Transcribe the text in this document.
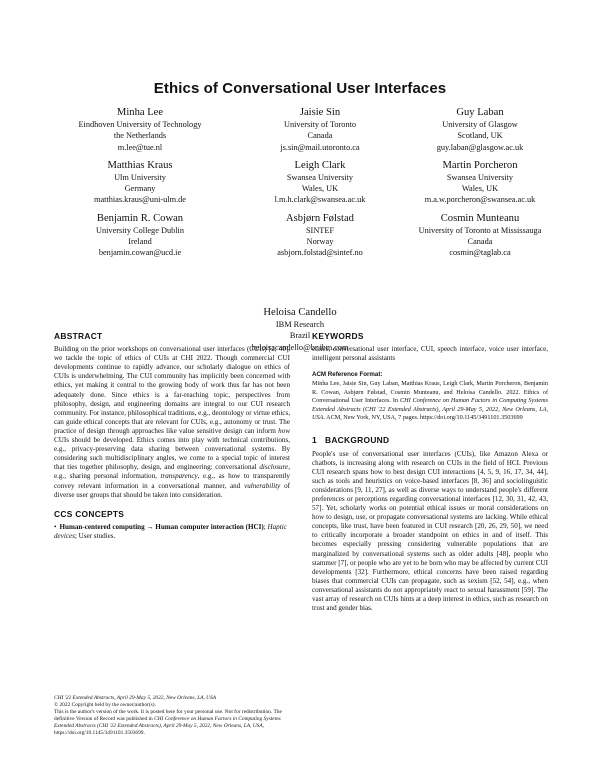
Ethics of Conversational User Interfaces
Minha Lee
Eindhoven University of Technology
the Netherlands
m.lee@tue.nl
Jaisie Sin
University of Toronto
Canada
js.sin@mail.utoronto.ca
Guy Laban
University of Glasgow
Scotland, UK
guy.laban@glasgow.ac.uk
Matthias Kraus
Ulm University
Germany
matthias.kraus@uni-ulm.de
Leigh Clark
Swansea University
Wales, UK
l.m.h.clark@swansea.ac.uk
Martin Porcheron
Swansea University
Wales, UK
m.a.w.porcheron@swansea.ac.uk
Benjamin R. Cowan
University College Dublin
Ireland
benjamin.cowan@ucd.ie
Asbjørn Følstad
SINTEF
Norway
asbjorn.folstad@sintef.no
Cosmin Munteanu
University of Toronto at Mississauga
Canada
cosmin@taglab.ca
Heloisa Candello
IBM Research
Brazil
heloisacandello@br.ibm.com
ABSTRACT

Building on the prior workshops on conversational user interfaces (CUIs) [2, 40], we tackle the topic of ethics of CUIs at CHI 2022. Though commercial CUI developments continue to rapidly advance, our scholarly dialogue on ethics of CUIs is underwhelming. The CUI community has implicitly been concerned with ethics, yet making it central to the growing body of work thus far has not been adequately done. Since ethics is a far-reaching topic, perspectives from philosophy, design, and engineering domains are integral to our CUI research community. For instance, philosophical traditions, e.g., deontology or virtue ethics, can guide ethical concepts that are relevant for CUIs, e.g., autonomy or trust. The practice of design through approaches like value sensitive design can inform how CUIs should be developed. Ethics comes into play with technical contributions, e.g., privacy-preserving data sharing between conversational systems. By considering such multidisciplinary angles, we come to a special topic of interest that ties together philosophy, design, and engineering: conversational disclosure, e.g., sharing personal information, transparency, e.g., as how to transparently convey relevant information in a conversational manner, and vulnerability of diverse user groups that should be taken into consideration.

CCS CONCEPTS

• Human-centered computing → Human computer interaction (HCI); Haptic devices; User studies.

CHI '22 Extended Abstracts, April 29-May 5, 2022, New Orleans, LA, USA
© 2022 Copyright held by the owner/author(s).
This is the author's version of the work. It is posted here for your personal use. Not for redistribution. The definitive Version of Record was published in CHI Conference on Human Factors in Computing Systems Extended Abstracts (CHI '22 Extended Abstracts), April 29-May 5, 2022, New Orleans, LA, USA, https://doi.org/10.1145/3491101.3503699.
KEYWORDS

ethics, conversational user interface, CUI, speech interface, voice user interface, intelligent personal assistants

ACM Reference Format:

Minha Lee, Jaisie Sin, Guy Laban, Matthias Kraus, Leigh Clark, Martin Porcheron, Benjamin R. Cowan, Asbjørn Følstad, Cosmin Munteanu, and Heloisa Candello. 2022. Ethics of Conversational User Interfaces. In CHI Conference on Human Factors in Computing Systems Extended Abstracts (CHI '22 Extended Abstracts), April 29-May 5, 2022, New Orleans, LA, USA. ACM, New York, NY, USA, 7 pages. https://doi.org/10.1145/3491101.3503699

1 BACKGROUND

People's use of conversational user interfaces (CUIs), like Amazon Alexa or chatbots, is increasing along with research on CUIs in the field of HCI. Previous CUI research spans how to best design CUI interactions [4, 5, 9, 16, 17, 34, 44], such as tools and heuristics on voice-based interfaces [8, 36] and sociolinguistic considerations [9, 11, 27], as well as diverse ways to understand people's different preferences or perceptions regarding conversational interfaces [12, 30, 31, 42, 43, 57]. Yet, scholarly works on potential ethical issues or moral considerations on how to design, use, or propagate conversational systems are lacking. While ethical concepts, like trust, have been featured in CUI research [20, 26, 29, 50], we need to critically incorporate a broader standpoint on ethics in and of itself. This becomes especially pressing considering vulnerable populations that are marginalized by conversational systems such as older adults [48], people who stammer [7], or people who are yet to be born who may be affected by current CUI developments [32]. Furthermore, ethical concerns have been raised regarding biases that commercial CUIs can propagate, such as sexism [52, 54], e.g., when conversational assistants do not appropriately react to sexual harassment [59]. The vast array of research on CUIs hints at a deep interest in ethics, such as research on trust and gender bias.
